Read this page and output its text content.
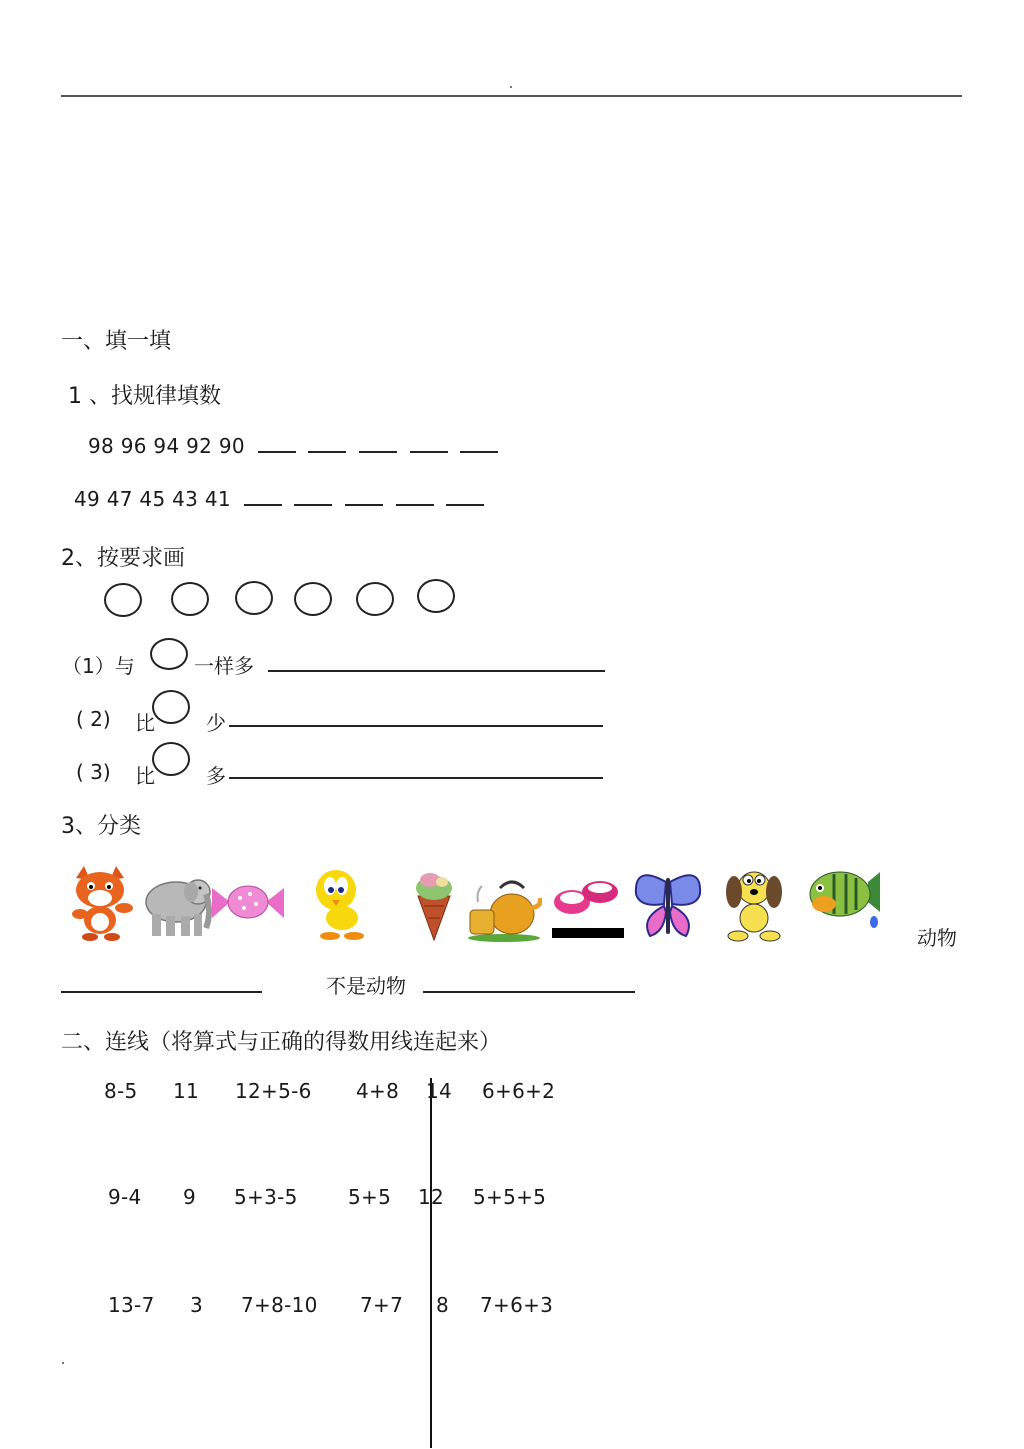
一、填一填
1 、找规律填数
98 96 94 92 90
49 47 45 43 41
2、按要求画
（1）与	一样多
( 2) 比	少
( 3) 比	多
3、分类
动物
不是动物
二、连线（将算式与正确的得数用线连起来）
8-5 11 12+5-6 4+8 14 6+6+2
9-4 9 5+3-5	5+5 12 5+5+5
13-7 3 7+8-10 7+7 8 7+6+3
